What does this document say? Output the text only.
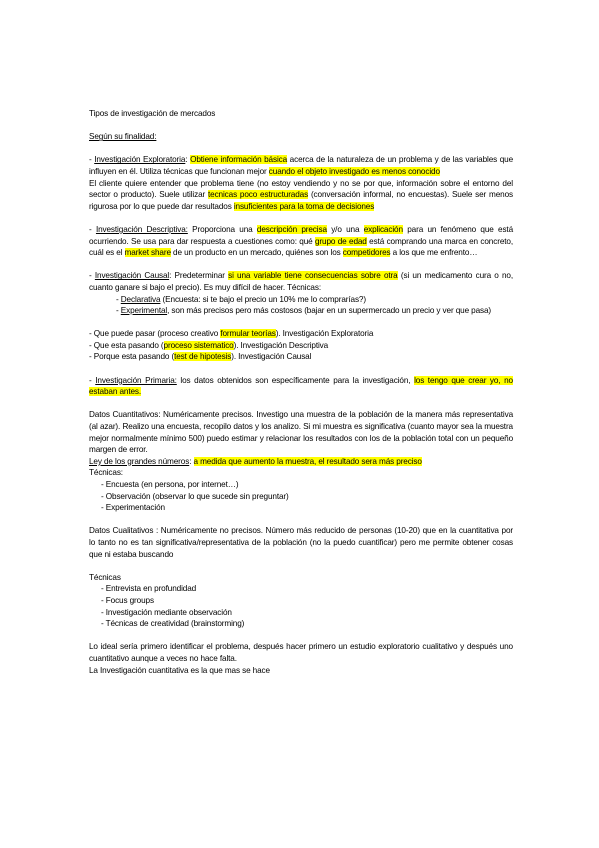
Tipos de investigación de mercados

Según su finalidad:

- Investigación Exploratoria: Obtiene información básica acerca de la naturaleza de un problema y de las variables que influyen en él. Utiliza técnicas que funcionan mejor cuando el objeto investigado es menos conocido

El cliente quiere entender que problema tiene (no estoy vendiendo y no se por que, información sobre el entorno del sector o producto). Suele utilizar tecnicas poco estructuradas (conversación informal, no encuestas). Suele ser menos rigurosa por lo que puede dar resultados insuficientes para la toma de decisiones

- Investigación Descriptiva: Proporciona una descripción precisa y/o una explicación para un fenómeno que está ocurriendo. Se usa para dar respuesta a cuestiones como: qué grupo de edad está comprando una marca en concreto, cuál es el market share de un producto en un mercado, quiénes son los competidores a los que me enfrento…

- Investigación Causal: Predeterminar si una variable tiene consecuencias sobre otra (si un medicamento cura o no, cuanto ganare si bajo el precio). Es muy difícil de hacer. Técnicas:

- Declarativa (Encuesta: si te bajo el precio un 10% me lo comprarías?)

- Experimental, son más precisos pero más costosos (bajar en un supermercado un precio y ver que pasa)

- Que puede pasar (proceso creativo formular teorías). Investigación Exploratoria

- Que esta pasando (proceso sistematico). Investigación Descriptiva

- Porque esta pasando (test de hipotesis). Investigación Causal

- Investigación Primaria: los datos obtenidos son específicamente para la investigación, los tengo que crear yo, no estaban antes.

Datos Cuantitativos: Numéricamente precisos. Investigo una muestra de la población de la manera más representativa (al azar). Realizo una encuesta, recopilo datos y los analizo. Si mi muestra es significativa (cuanto mayor sea la muestra mejor normalmente mínimo 500) puedo estimar y relacionar los resultados con los de la población total con un pequeño margen de error.

Ley de los grandes números: a medida que aumento la muestra, el resultado sera más preciso

Técnicas:

- Encuesta (en persona, por internet…)

- Observación (observar lo que sucede sin preguntar)

- Experimentación

Datos Cualitativos : Numéricamente no precisos. Número más reducido de personas (10-20) que en la cuantitativa por lo tanto no es tan significativa/representativa de la población (no la puedo cuantificar) pero me permite obtener cosas que ni estaba buscando

Técnicas

- Entrevista en profundidad

- Focus groups

- Investigación mediante observación

- Técnicas de creatividad (brainstorming)

Lo ideal sería primero identificar el problema, después hacer primero un estudio exploratorio cualitativo y después uno cuantitativo aunque a veces no hace falta.

La Investigación cuantitativa es la que mas se hace
